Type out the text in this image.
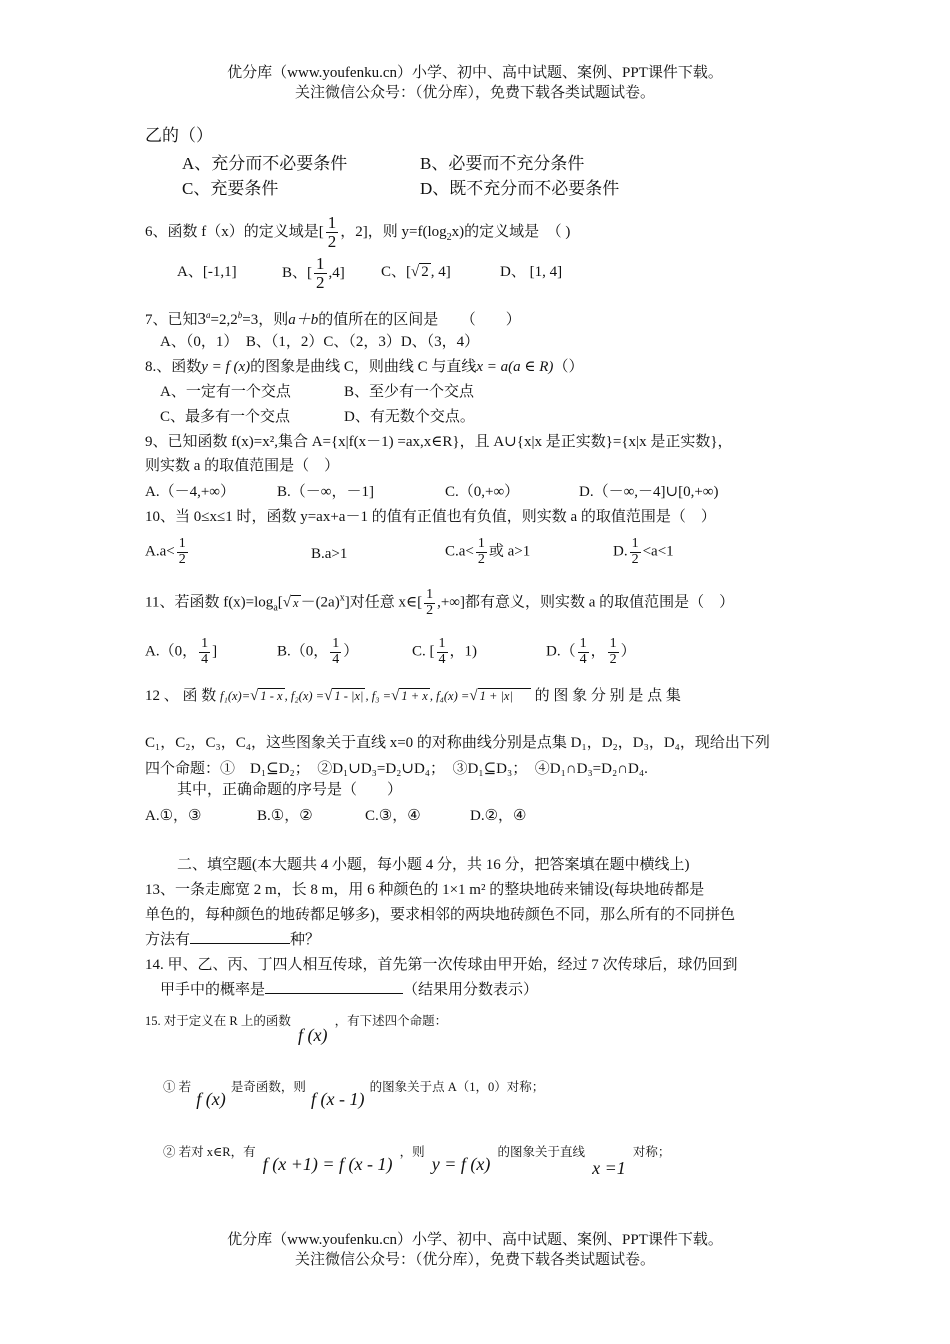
优分库（www.youfenku.cn）小学、初中、高中试题、案例、PPT课件下载。
关注微信公众号：（优分库），免费下载各类试题试卷。
乙的（）
A、充分而不必要条件	B、必要而不充分条件
C、充要条件	D、既不充分而不必要条件
6、函数 f（x）的定义域是[ $\frac{1}{2}$ ，2]，则 $y=f(\log_2x)$的定义域是　（ )
A、[-1,1]	B、[ $\frac{1}{2} ,4$] C、[√ 2 , 4]	D、 [1, 4]
7、已知$3^a=2,2^b=3$，则a＋b的值所在的区间是　　（　　）
A、（0，1）　B、（1，2）C、（2，3）D、（3，4）
8.、函数y = f (x)的图象是曲线 C，则曲线 C 与直线x = a(a ∈ R)（）
A、一定有一个交点	B、至少有一个交点
C、最多有一个交点	D、有无数个交点。
9、已知函数 f(x)=x²,集合 A={x|f(x－1) =ax,x∈R}，且 A∪{x|x 是正实数}={x|x 是正实数}，
则实数 a 的取值范围是（　）
A.（－4,+∞）	B.（－∞，－1]	C.（0,+∞）	D.（－∞,－4]∪[0,+∞)
10、当 0≤x≤1 时，函数 y=ax+a－1 的值有正值也有负值，则实数 a 的取值范围是（　）
$A.a< \frac{1}{2}$	B.a>1	$C.a< \frac{1}{2}$ 或 a>1	D. $\frac{1}{2} <a<1$
11、若函数 $f(x)=\log_a[√$ $x -(2a)^x$]对任意 x∈[ $\frac{1}{2}$ ,+∞]都有意义，则实数 a 的取值范围是（　）
A.（0， $\frac{1}{4}$ ]	B.（0， $\frac{1}{4}$ ）	C. [ $\frac{1}{4}$ ，1)	$D.( \frac{1}{4}$ ， $\frac{1}{2}$ ）
12 、 函 数 f₁(x)=√ 1 - x , f₂(x) =√ 1 - |x| , f₃ =√ 1 + x , f₄(x) =√ 1 + |x| 的 图 象 分 别 是 点 集
C₁，C₂，C₃，C₄，这些图象关于直线 x=0 的对称曲线分别是点集 D₁，D₂，D₃，D₄，现给出下列
四个命题：①　D₁⊆D₂；　②D₁∪D₃=D₂∪D₄；　③D₁⊆D₃；　④D₁∩D₃=D₂∩D₄.
其中，正确命题的序号是（　　）
A.①，③	B.①，②	C.③，④	D.②，④
二、填空题(本大题共 4 小题，每小题 4 分，共 16 分，把答案填在题中横线上)
13、一条走廊宽 2 m，长 8 m，用 6 种颜色的 1×1 m² 的整块地砖来铺设(每块地砖都是
单色的，每种颜色的地砖都足够多)，要求相邻的两块地砖颜色不同，那么所有的不同拼色
方法有	种？
14. 甲、乙、丙、丁四人相互传球，首先第一次传球由甲开始，经过 7 次传球后，球仍回到
甲手中的概率是	（结果用分数表示）
15. 对于定义在 R 上的函数 f (x) ，有下述四个命题：
① 若 f (x) 是奇函数，则 f (x - 1) 的图象关于点 A（1，0）对称；
② 若对 x∈R，有 f (x +1) = f (x - 1) ，则 y = f (x) 的图象关于直线 x =1 对称；
优分库（www.youfenku.cn）小学、初中、高中试题、案例、PPT课件下载。
关注微信公众号：（优分库），免费下载各类试题试卷。
